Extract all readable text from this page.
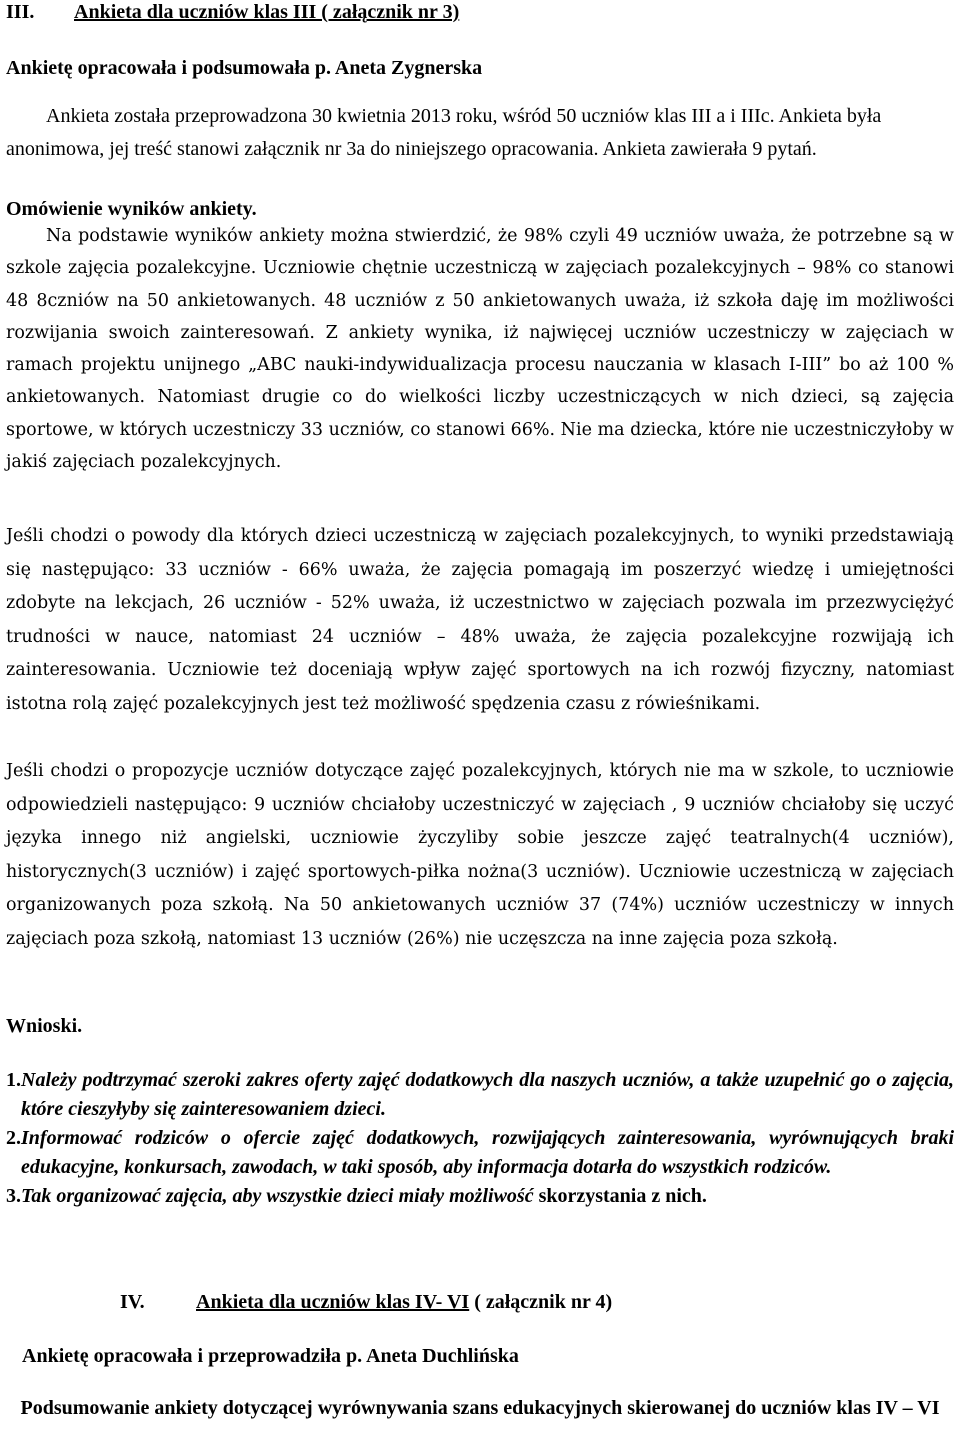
III.	Ankieta dla uczniów klas III ( załącznik nr 3)

Ankietę opracowała i podsumowała p. Aneta Zygnerska

Ankieta została przeprowadzona 30 kwietnia 2013 roku, wśród 50 uczniów klas III a i IIIc. Ankieta była anonimowa, jej treść stanowi załącznik nr 3a do niniejszego opracowania. Ankieta zawierała 9 pytań.

Omówienie wyników ankiety.

Na podstawie wyników ankiety można stwierdzić, że 98% czyli 49 uczniów uważa, że potrzebne są w szkole zajęcia pozalekcyjne. Uczniowie chętnie uczestniczą w zajęciach pozalekcyjnych – 98% co stanowi 48 8czniów na 50 ankietowanych. 48 uczniów z 50 ankietowanych uważa, iż szkoła daję im możliwości rozwijania swoich zainteresowań. Z ankiety wynika, iż najwięcej uczniów uczestniczy w zajęciach w ramach projektu unijnego „ABC nauki-indywidualizacja procesu nauczania w klasach I-III” bo aż 100 % ankietowanych. Natomiast drugie co do wielkości liczby uczestniczących w nich dzieci, są zajęcia sportowe, w których uczestniczy 33 uczniów, co stanowi 66%. Nie ma dziecka, które nie uczestniczyłoby w jakiś zajęciach pozalekcyjnych.

Jeśli chodzi o powody dla których dzieci uczestniczą w zajęciach pozalekcyjnych, to wyniki przedstawiają się następująco: 33 uczniów - 66% uważa, że zajęcia pomagają im poszerzyć wiedzę i umiejętności zdobyte na lekcjach, 26 uczniów - 52% uważa, iż uczestnictwo w zajęciach pozwala im przezwyciężyć trudności w nauce, natomiast 24 uczniów – 48% uważa, że zajęcia pozalekcyjne rozwijają ich zainteresowania. Uczniowie też doceniają wpływ zajęć sportowych na ich rozwój fizyczny, natomiast istotna rolą zajęć pozalekcyjnych jest też możliwość spędzenia czasu z rówieśnikami.

Jeśli chodzi o propozycje uczniów dotyczące zajęć pozalekcyjnych, których nie ma w szkole, to uczniowie odpowiedzieli następująco: 9 uczniów chciałoby uczestniczyć w zajęciach , 9 uczniów chciałoby się uczyć języka innego niż angielski, uczniowie życzyliby sobie jeszcze zajęć teatralnych(4 uczniów), historycznych(3 uczniów) i zajęć sportowych-piłka nożna(3 uczniów). Uczniowie uczestniczą w zajęciach organizowanych poza szkołą. Na 50 ankietowanych uczniów 37 (74%) uczniów uczestniczy w innych zajęciach poza szkołą, natomiast 13 uczniów (26%) nie uczęszcza na inne zajęcia poza szkołą.

Wnioski.

1. Należy podtrzymać szeroki zakres oferty zajęć dodatkowych dla naszych uczniów, a także uzupełnić go o zajęcia, które cieszyłyby się zainteresowaniem dzieci.
2. Informować rodziców o ofercie zajęć dodatkowych, rozwijających zainteresowania, wyrównujących braki edukacyjne, konkursach, zawodach, w taki sposób, aby informacja dotarła do wszystkich rodziców.
3. Tak organizować zajęcia, aby wszystkie dzieci miały możliwość skorzystania z nich.
IV.	Ankieta dla uczniów klas IV- VI ( załącznik nr 4)

Ankietę opracowała i przeprowadziła p. Aneta Duchlińska

Podsumowanie ankiety dotyczącej wyrównywania szans edukacyjnych skierowanej do uczniów klas IV – VI
